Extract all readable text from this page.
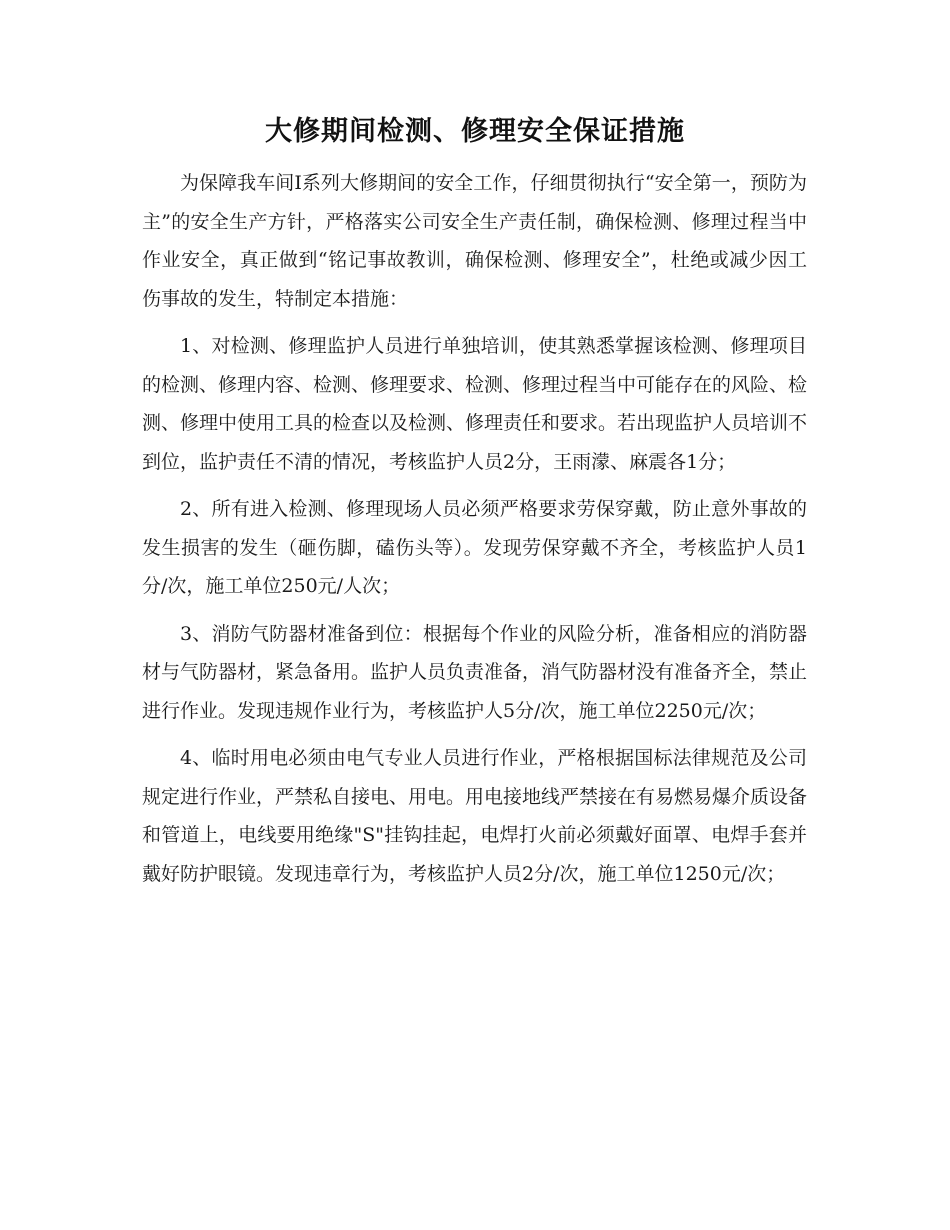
大修期间检测、修理安全保证措施

为保障我车间Ⅰ系列大修期间的安全工作，仔细贯彻执行“安全第一，预防为主”的安全生产方针，严格落实公司安全生产责任制，确保检测、修理过程当中作业安全，真正做到“铭记事故教训，确保检测、修理安全”，杜绝或减少因工伤事故的发生，特制定本措施：

1、对检测、修理监护人员进行单独培训，使其熟悉掌握该检测、修理项目的检测、修理内容、检测、修理要求、检测、修理过程当中可能存在的风险、检测、修理中使用工具的检查以及检测、修理责任和要求。若出现监护人员培训不到位，监护责任不清的情况，考核监护人员2分，王雨濛、麻震各1分；

2、所有进入检测、修理现场人员必须严格要求劳保穿戴，防止意外事故的发生损害的发生（砸伤脚，磕伤头等）。发现劳保穿戴不齐全，考核监护人员1分/次，施工单位250元/人次；

3、消防气防器材准备到位：根据每个作业的风险分析，准备相应的消防器材与气防器材，紧急备用。监护人员负责准备，消气防器材没有准备齐全，禁止进行作业。发现违规作业行为，考核监护人5分/次，施工单位2250元/次；

4、临时用电必须由电气专业人员进行作业，严格根据国标法律规范及公司规定进行作业，严禁私自接电、用电。用电接地线严禁接在有易燃易爆介质设备和管道上，电线要用绝缘"S"挂钩挂起，电焊打火前必须戴好面罩、电焊手套并戴好防护眼镜。发现违章行为，考核监护人员2分/次，施工单位1250元/次；
